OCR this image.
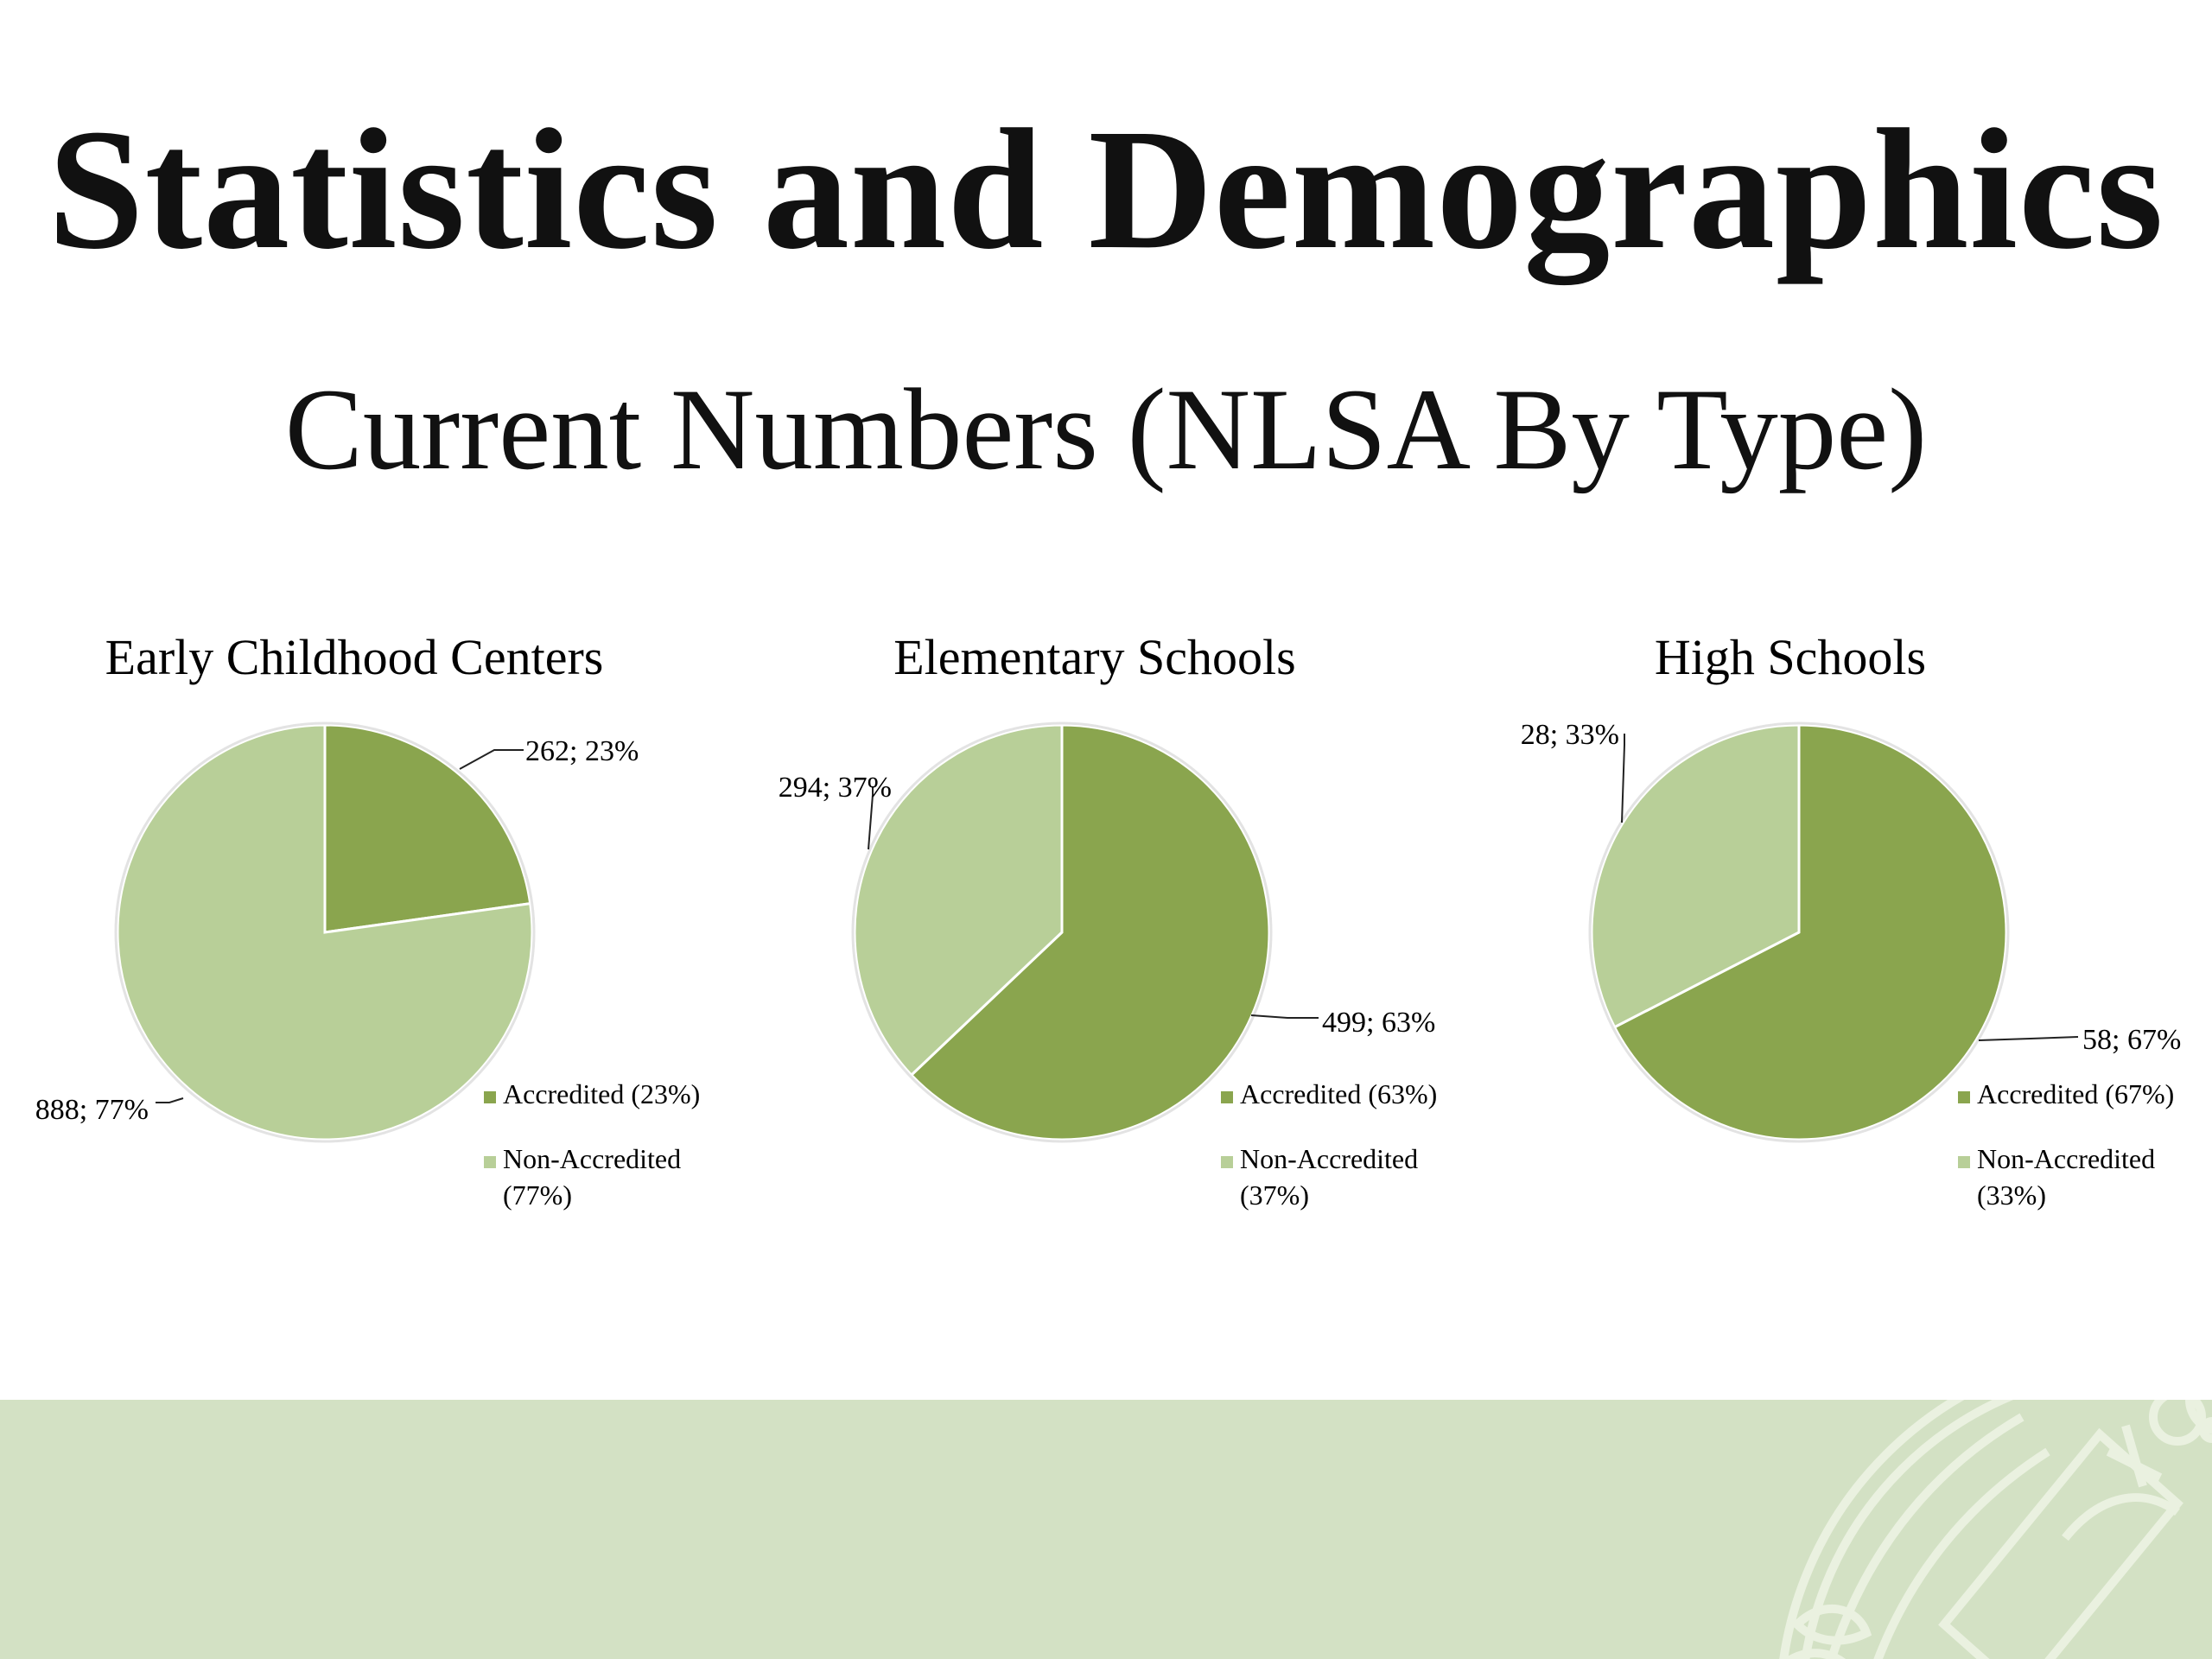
Statistics and Demographics
Current Numbers (NLSA By Type)
Early Childhood Centers
262; 23%
888; 77%	Accredited (23%)
Non-Accredited
(77%)
Elementary Schools
499; 63%
294; 37%
Accredited (63%)
Non-Accredited
(37%)
High Schools
58; 67%
28; 33%
Accredited (67%)
Non-Accredited
(33%)
